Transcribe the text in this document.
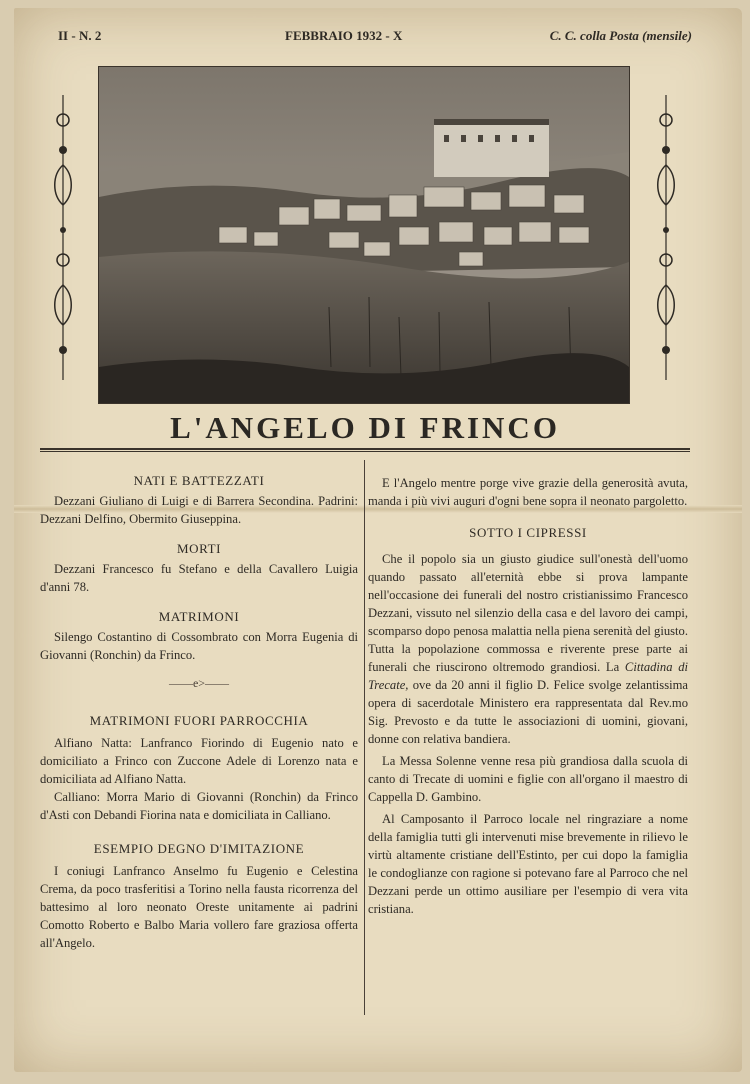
II - N. 2	FEBBRAIO 1932 - X	C. C. colla Posta (mensile)
L'ANGELO DI FRINCO
NATI E BATTEZZATI

Dezzani Giuliano di Luigi e di Barrera Secondina. Padrini: Dezzani Delfino, Obermito Giuseppina.

MORTI

Dezzani Francesco fu Stefano e della Cavallero Luigia d'anni 78.

MATRIMONI

Silengo Costantino di Cossombrato con Morra Eugenia di Giovanni (Ronchin) da Frinco.

——e>——
MATRIMONI FUORI PARROCCHIA

Alfiano Natta: Lanfranco Fiorindo di Eugenio nato e domiciliato a Frinco con Zuccone Adele di Lorenzo nata e domiciliata ad Alfiano Natta.

Calliano: Morra Mario di Giovanni (Ronchin) da Frinco d'Asti con Debandi Fiorina nata e domiciliata in Calliano.

ESEMPIO DEGNO D'IMITAZIONE

I coniugi Lanfranco Anselmo fu Eugenio e Celestina Crema, da poco trasferitisi a Torino nella fausta ricorrenza del battesimo al loro neonato Oreste unitamente ai padrini Comotto Roberto e Balbo Maria vollero fare graziosa offerta all'Angelo.

E l'Angelo mentre porge vive grazie della generosità avuta, manda i più vivi auguri d'ogni bene sopra il neonato pargoletto.

SOTTO I CIPRESSI

Che il popolo sia un giusto giudice sull'onestà dell'uomo quando passato all'eternità ebbe si prova lampante nell'occasione dei funerali del nostro cristianissimo Francesco Dezzani, vissuto nel silenzio della casa e del lavoro dei campi, scomparso dopo penosa malattia nella piena serenità del giusto. Tutta la popolazione commossa e riverente prese parte ai funerali che riuscirono oltremodo grandiosi. La Cittadina di Trecate, ove da 20 anni il figlio D. Felice svolge zelantissima opera di sacerdotale Ministero era rappresentata dal Rev.mo Sig. Prevosto e da tutte le associazioni di uomini, giovani, donne con relativa bandiera.

La Messa Solenne venne resa più grandiosa dalla scuola di canto di Trecate di uomini e figlie con all'organo il maestro di Cappella D. Gambino.

Al Camposanto il Parroco locale nel ringraziare a nome della famiglia tutti gli intervenuti mise brevemente in rilievo le virtù altamente cristiane dell'Estinto, per cui dopo la famiglia le condoglianze con ragione si potevano fare al Parroco che nel Dezzani perde un ottimo ausiliare per l'esempio di vera vita cristiana.
